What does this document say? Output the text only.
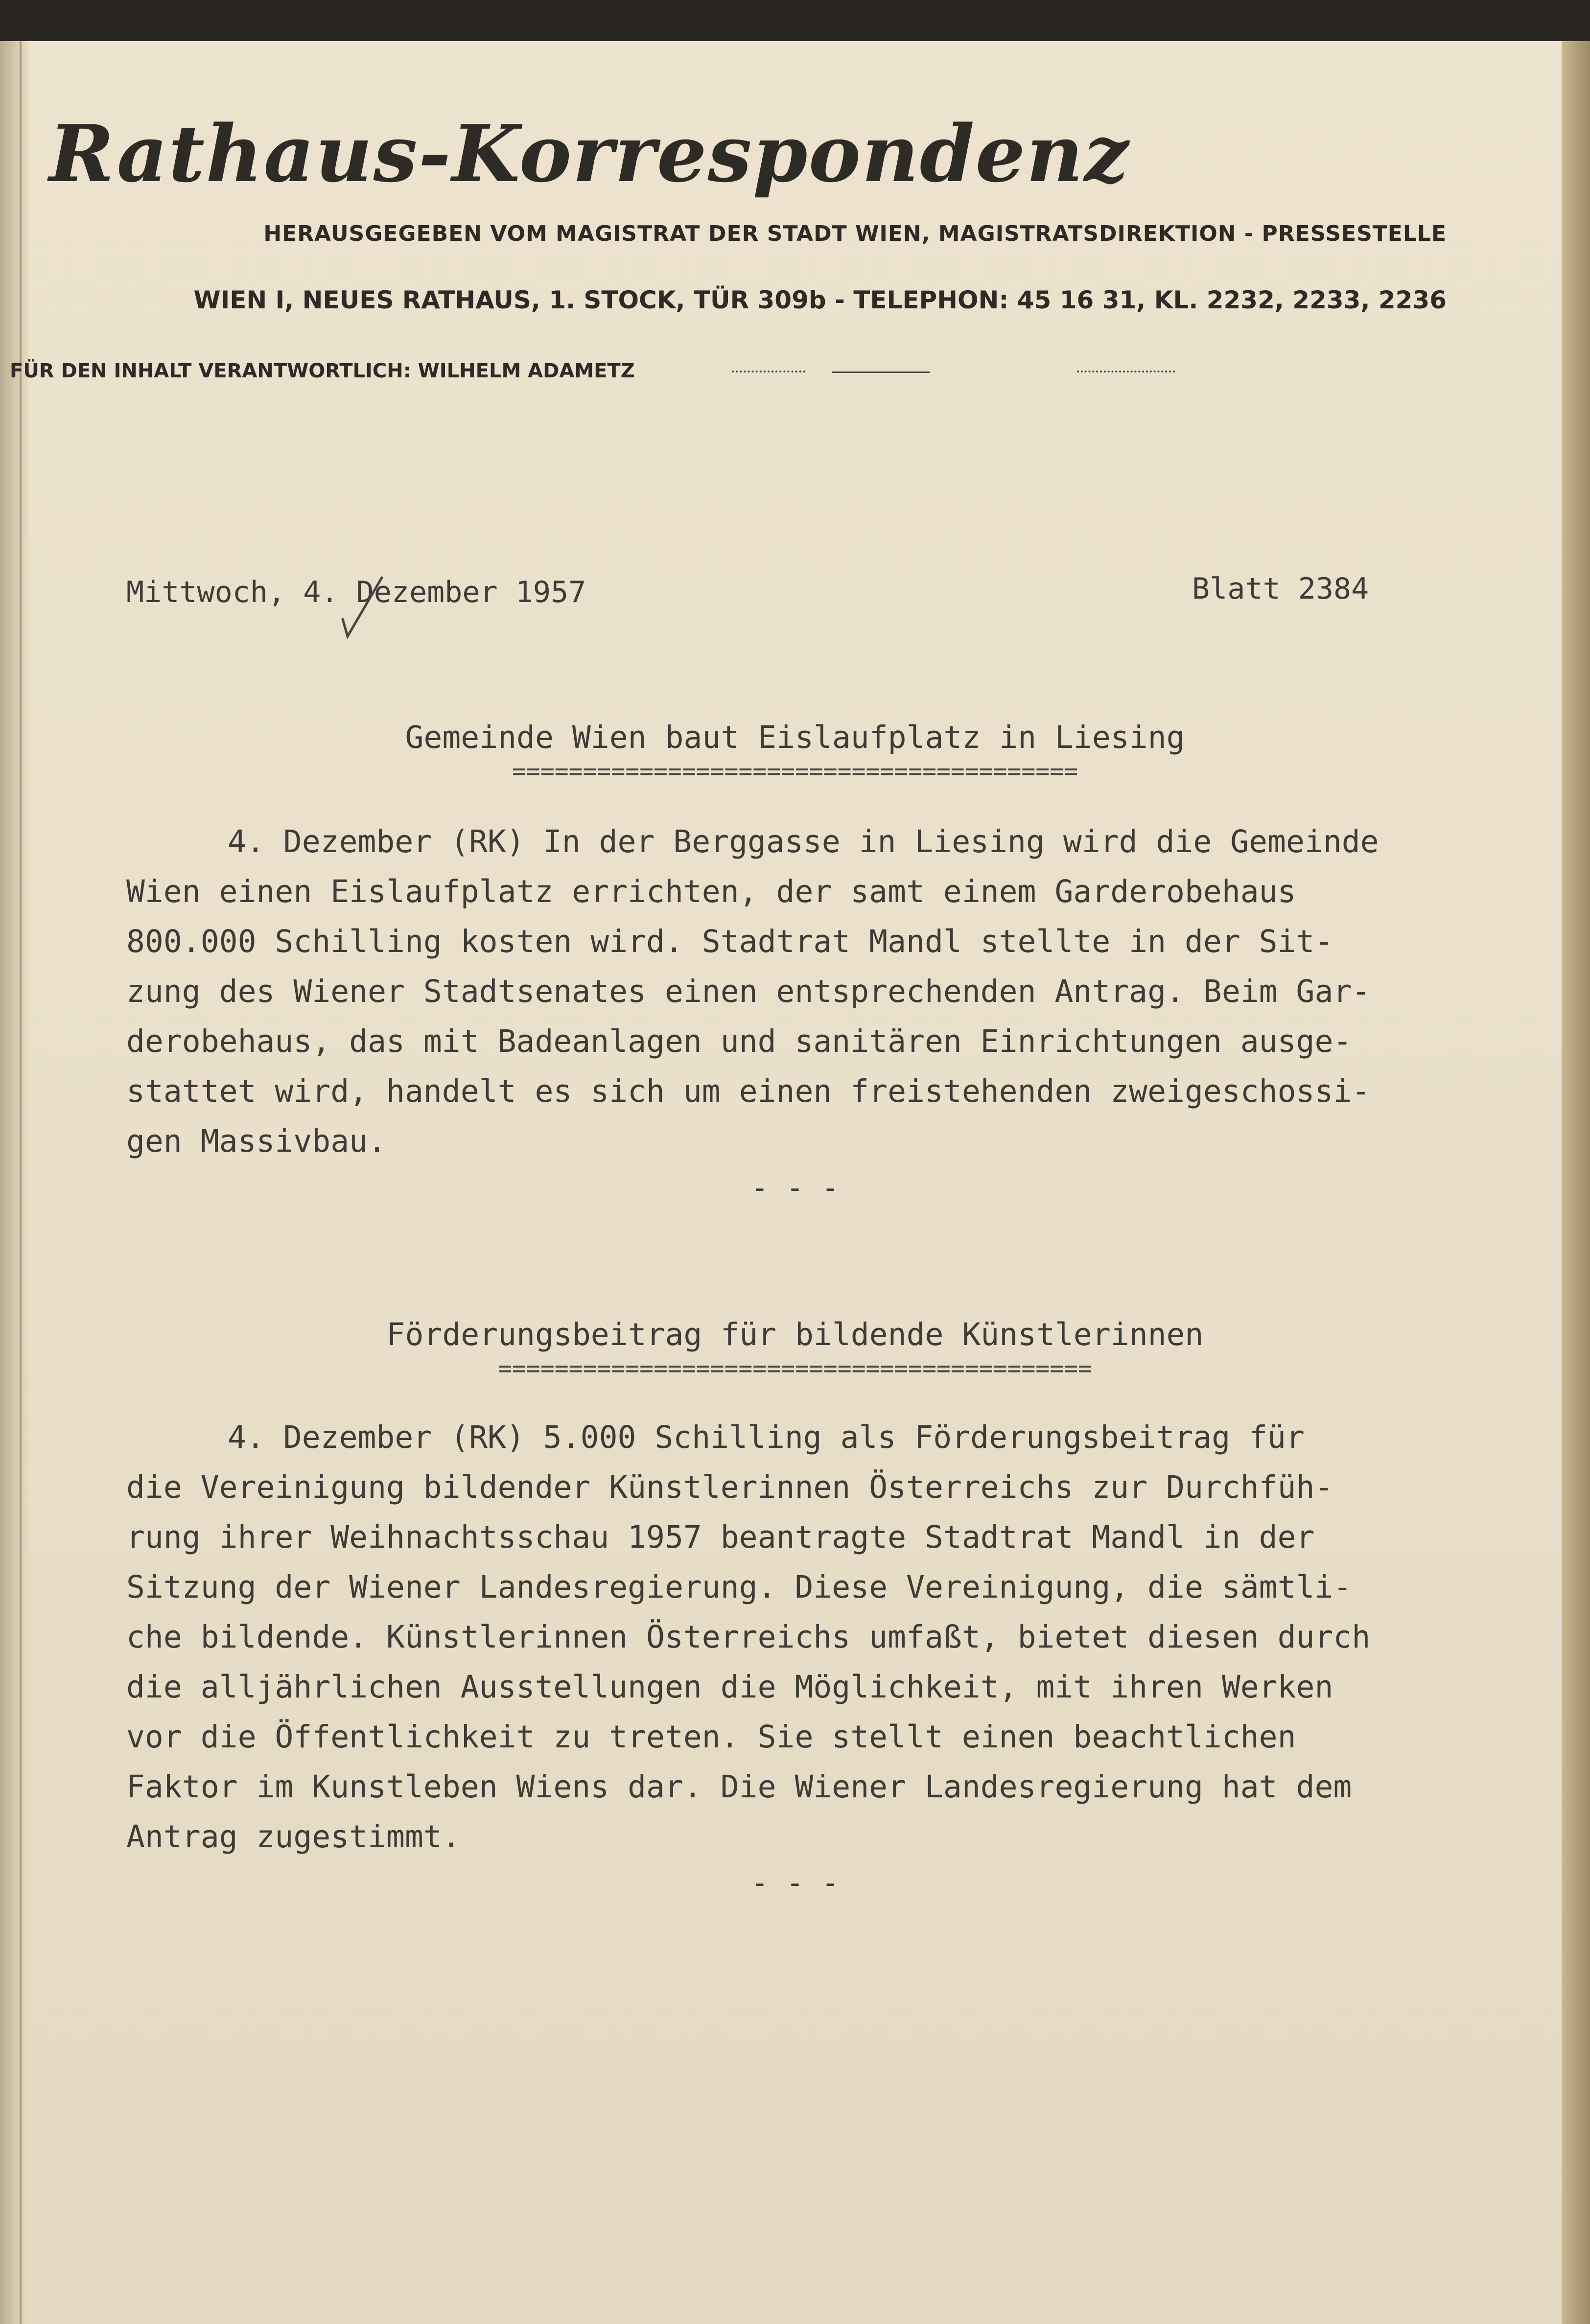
Rathaus-Korrespondenz

HERAUSGEGEBEN VOM MAGISTRAT DER STADT WIEN, MAGISTRATSDIREKTION - PRESSESTELLE

WIEN I, NEUES RATHAUS, 1. STOCK, TÜR 309b - TELEPHON: 45 16 31, KL. 2232, 2233, 2236

FÜR DEN INHALT VERANTWORTLICH: WILHELM ADAMETZ

Mittwoch, 4. Dezember 1957	Blatt 2384

Gemeinde Wien baut Eislaufplatz in Liesing

========================================

4. Dezember (RK) In der Berggasse in Liesing wird die Gemeinde

Wien einen Eislaufplatz errichten, der samt einem Garderobehaus

800.000 Schilling kosten wird. Stadtrat Mandl stellte in der Sit-

zung des Wiener Stadtsenates einen entsprechenden Antrag. Beim Gar-

derobehaus, das mit Badeanlagen und sanitären Einrichtungen ausge-

stattet wird, handelt es sich um einen freistehenden zweigeschossi-

gen Massivbau.

- - -

Förderungsbeitrag für bildende Künstlerinnen

==========================================

4. Dezember (RK) 5.000 Schilling als Förderungsbeitrag für

die Vereinigung bildender Künstlerinnen Österreichs zur Durchfüh-

rung ihrer Weihnachtsschau 1957 beantragte Stadtrat Mandl in der

Sitzung der Wiener Landesregierung. Diese Vereinigung, die sämtli-

che bildende. Künstlerinnen Österreichs umfaßt, bietet diesen durch

die alljährlichen Ausstellungen die Möglichkeit, mit ihren Werken

vor die Öffentlichkeit zu treten. Sie stellt einen beachtlichen

Faktor im Kunstleben Wiens dar. Die Wiener Landesregierung hat dem

Antrag zugestimmt.

- - -
